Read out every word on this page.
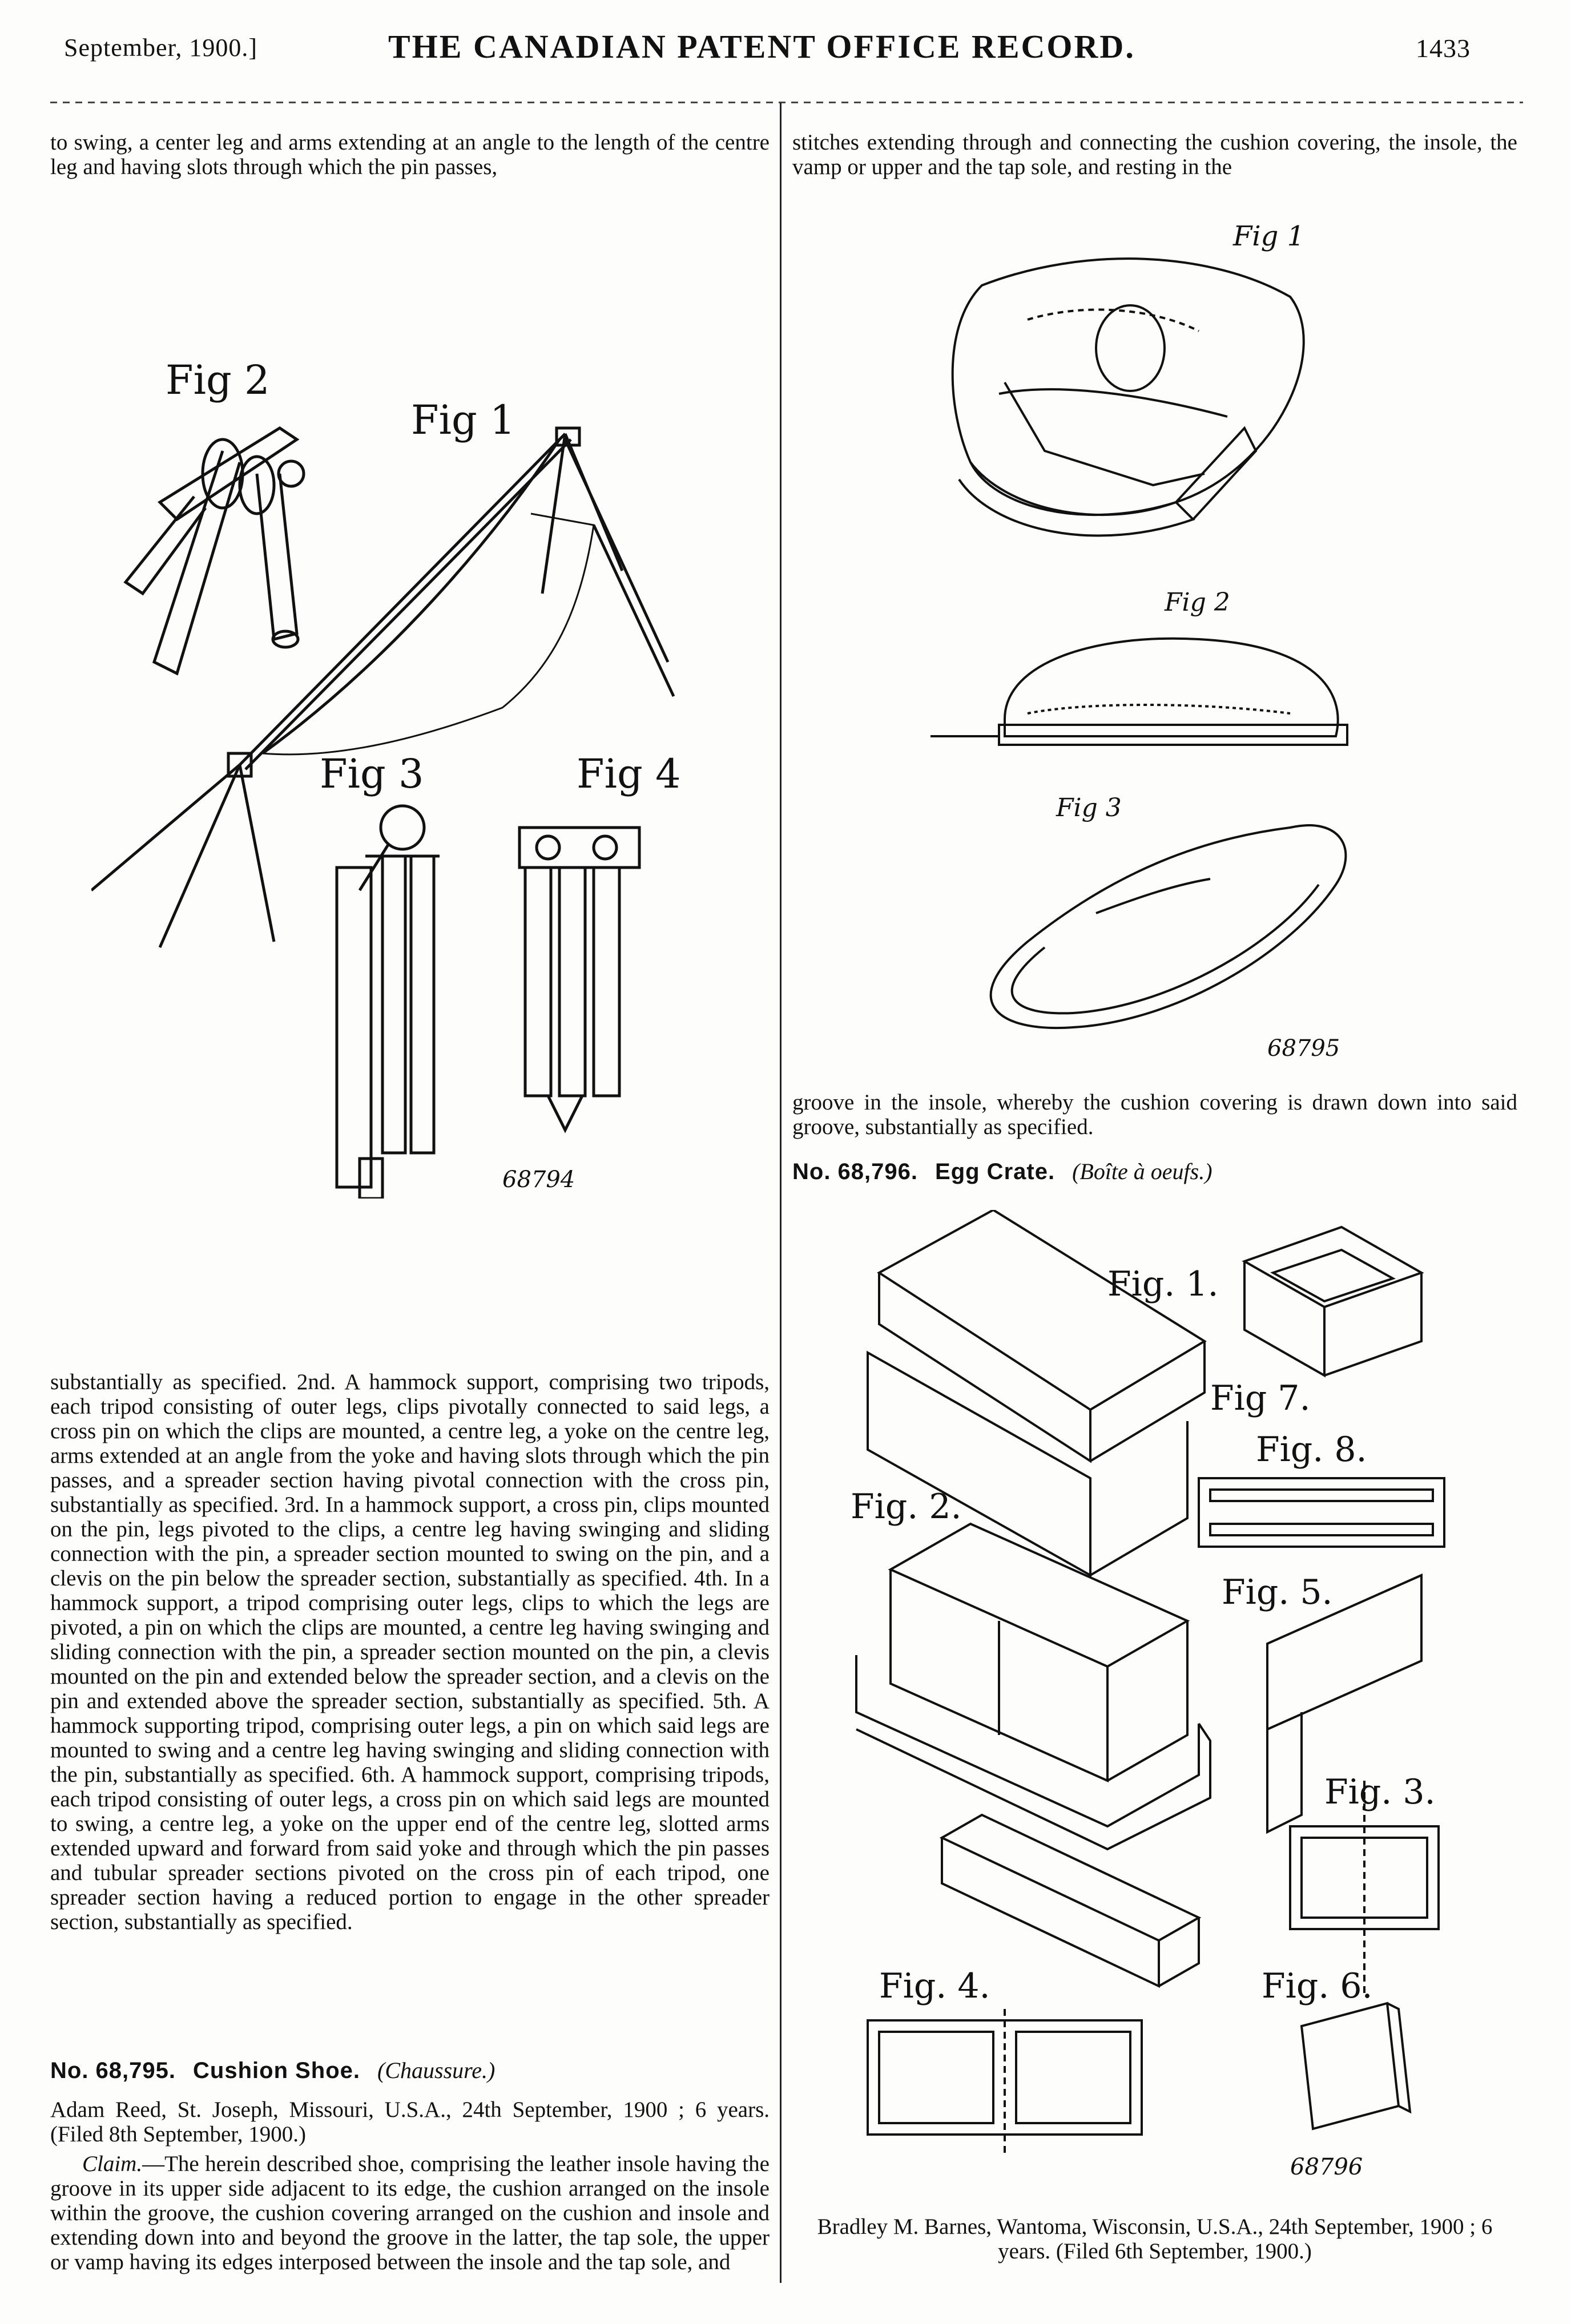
September, 1900.]	THE CANADIAN PATENT OFFICE RECORD.	1433
to swing, a center leg and arms extending at an angle to the length of the centre leg and having slots through which the pin passes,
stitches extending through and connecting the cushion covering, the insole, the vamp or upper and the tap sole, and resting in the
Fig 2
Fig 1
Fig 3	Fig 4
68794
Fig 1
Fig 2
Fig 3
68795
groove in the insole, whereby the cushion covering is drawn down into said groove, substantially as specified.
No. 68,796. Egg Crate. (Boîte à oeufs.)
Fig. 1.
Fig 7.
Fig. 8.
Fig. 2.
Fig. 5.
Fig. 3.
Fig. 4.	Fig. 6.
68796
substantially as specified. 2nd. A hammock support, comprising two tripods, each tripod consisting of outer legs, clips pivotally connected to said legs, a cross pin on which the clips are mounted, a centre leg, a yoke on the centre leg, arms extended at an angle from the yoke and having slots through which the pin passes, and a spreader section having pivotal connection with the cross pin, substantially as specified. 3rd. In a hammock support, a cross pin, clips mounted on the pin, legs pivoted to the clips, a centre leg having swinging and sliding connection with the pin, a spreader section mounted to swing on the pin, and a clevis on the pin below the spreader section, substantially as specified. 4th. In a hammock support, a tripod comprising outer legs, clips to which the legs are pivoted, a pin on which the clips are mounted, a centre leg having swinging and sliding connection with the pin, a spreader section mounted on the pin, a clevis mounted on the pin and extended below the spreader section, and a clevis on the pin and extended above the spreader section, substantially as specified. 5th. A hammock supporting tripod, comprising outer legs, a pin on which said legs are mounted to swing and a centre leg having swinging and sliding connection with the pin, substantially as specified. 6th. A hammock support, comprising tripods, each tripod consisting of outer legs, a cross pin on which said legs are mounted to swing, a centre leg, a yoke on the upper end of the centre leg, slotted arms extended upward and forward from said yoke and through which the pin passes and tubular spreader sections pivoted on the cross pin of each tripod, one spreader section having a reduced portion to engage in the other spreader section, substantially as specified.
No. 68,795. Cushion Shoe. (Chaussure.)
Adam Reed, St. Joseph, Missouri, U.S.A., 24th September, 1900 ; 6 years. (Filed 8th September, 1900.)
Claim.—The herein described shoe, comprising the leather insole having the groove in its upper side adjacent to its edge, the cushion arranged on the insole within the groove, the cushion covering arranged on the cushion and insole and extending down into and beyond the groove in the latter, the tap sole, the upper or vamp having its edges interposed between the insole and the tap sole, and
Bradley M. Barnes, Wantoma, Wisconsin, U.S.A., 24th September, 1900 ; 6 years. (Filed 6th September, 1900.)
